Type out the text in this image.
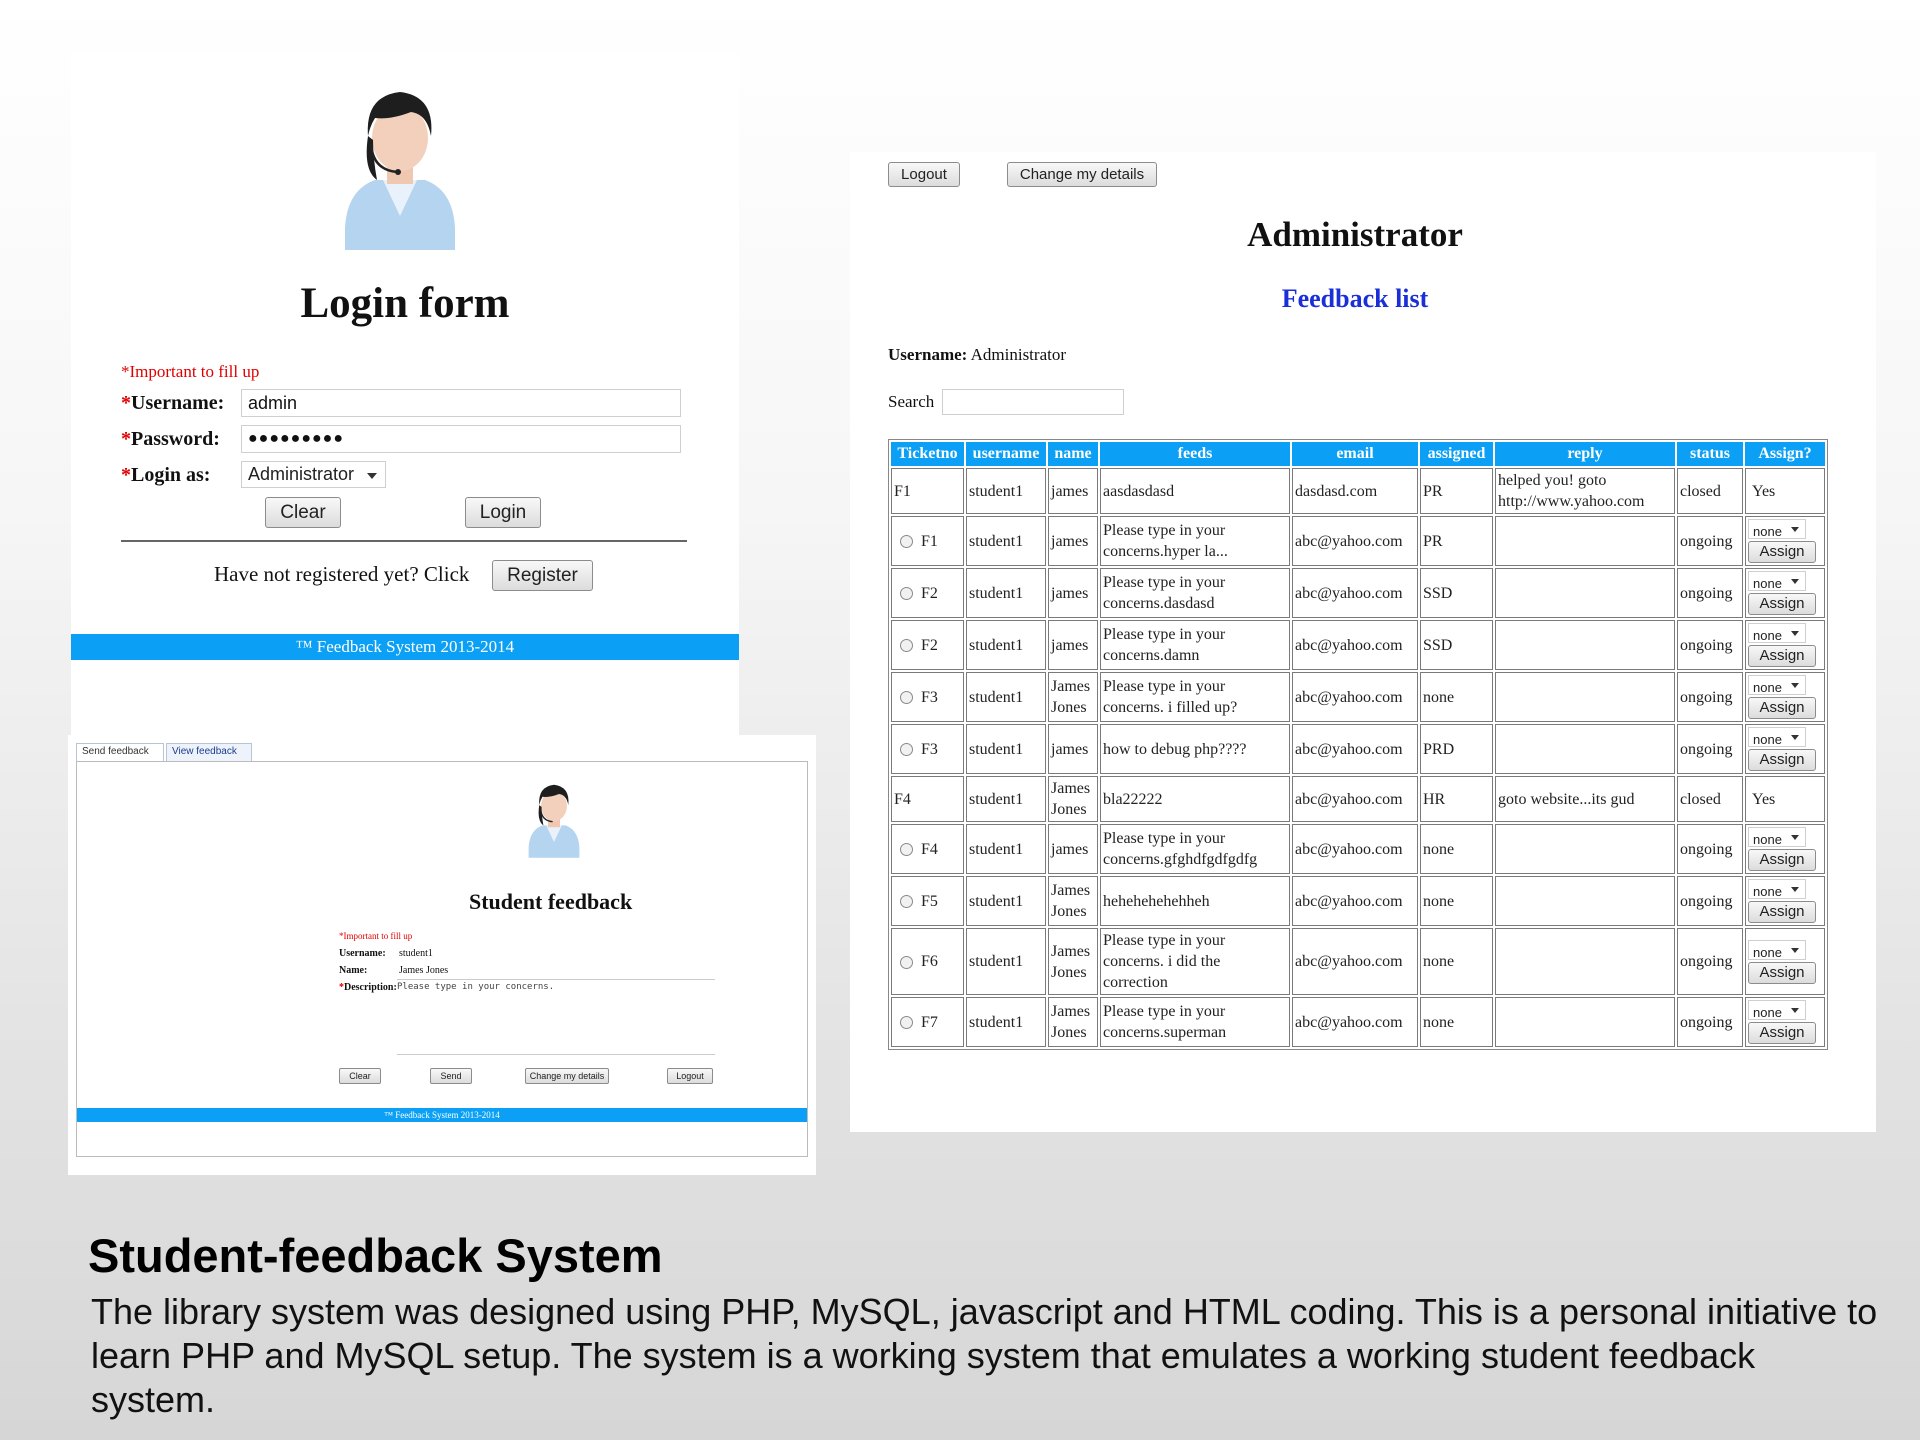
Login form
*Important to fill up
*Username:
admin
*Password:	●●●●●●●●●
*Login as:	Administrator
Clear	Login
Have not registered yet? Click	Register
™ Feedback System 2013-2014
Send feedback	View feedback
Student feedback
*Important to fill up
Username: student1
Name:	James Jones
*Description: Please type in your concerns.
Clear	Send	Change my details	Logout
™ Feedback System 2013-2014
Logout	Change my details
Administrator
Feedback list
Username: Administrator
Search
Ticketno	username	name	feeds	email	assigned	reply	status	Assign?
F1	student1	james	aasdasdasd	dasdasd.com	PR	helped you! goto http://www.yahoo.com	closed	Yes
F1	student1	james	Please type in your concerns.hyper la...	abc@yahoo.com	PR		ongoing	none
Assign

F2	student1	james	Please type in your concerns.dasdasd	abc@yahoo.com	SSD		ongoing	none
Assign

F2	student1	james	Please type in your concerns.damn	abc@yahoo.com	SSD		ongoing	none
Assign

F3	student1	James Jones	Please type in your concerns. i filled up?	abc@yahoo.com	none		ongoing	none
Assign

F3	student1	james	how to debug php????	abc@yahoo.com	PRD		ongoing	none
Assign

F4	student1	James Jones	bla22222	abc@yahoo.com	HR	goto website...its gud	closed	Yes
F4	student1	james	Please type in your concerns.gfghdfgdfgdfg	abc@yahoo.com	none		ongoing	none
Assign

F5	student1	James Jones	hehehehehehheh	abc@yahoo.com	none		ongoing	none
Assign

F6	student1	James Jones	Please type in your concerns. i did the correction	abc@yahoo.com	none		ongoing	none
Assign

F7	student1	James Jones	Please type in your concerns.superman	abc@yahoo.com	none		ongoing	none
Assign
Student-feedback System
The library system was designed using PHP, MySQL, javascript and HTML coding. This is a personal initiative to learn PHP and MySQL setup. The system is a working system that emulates a working student feedback system.
